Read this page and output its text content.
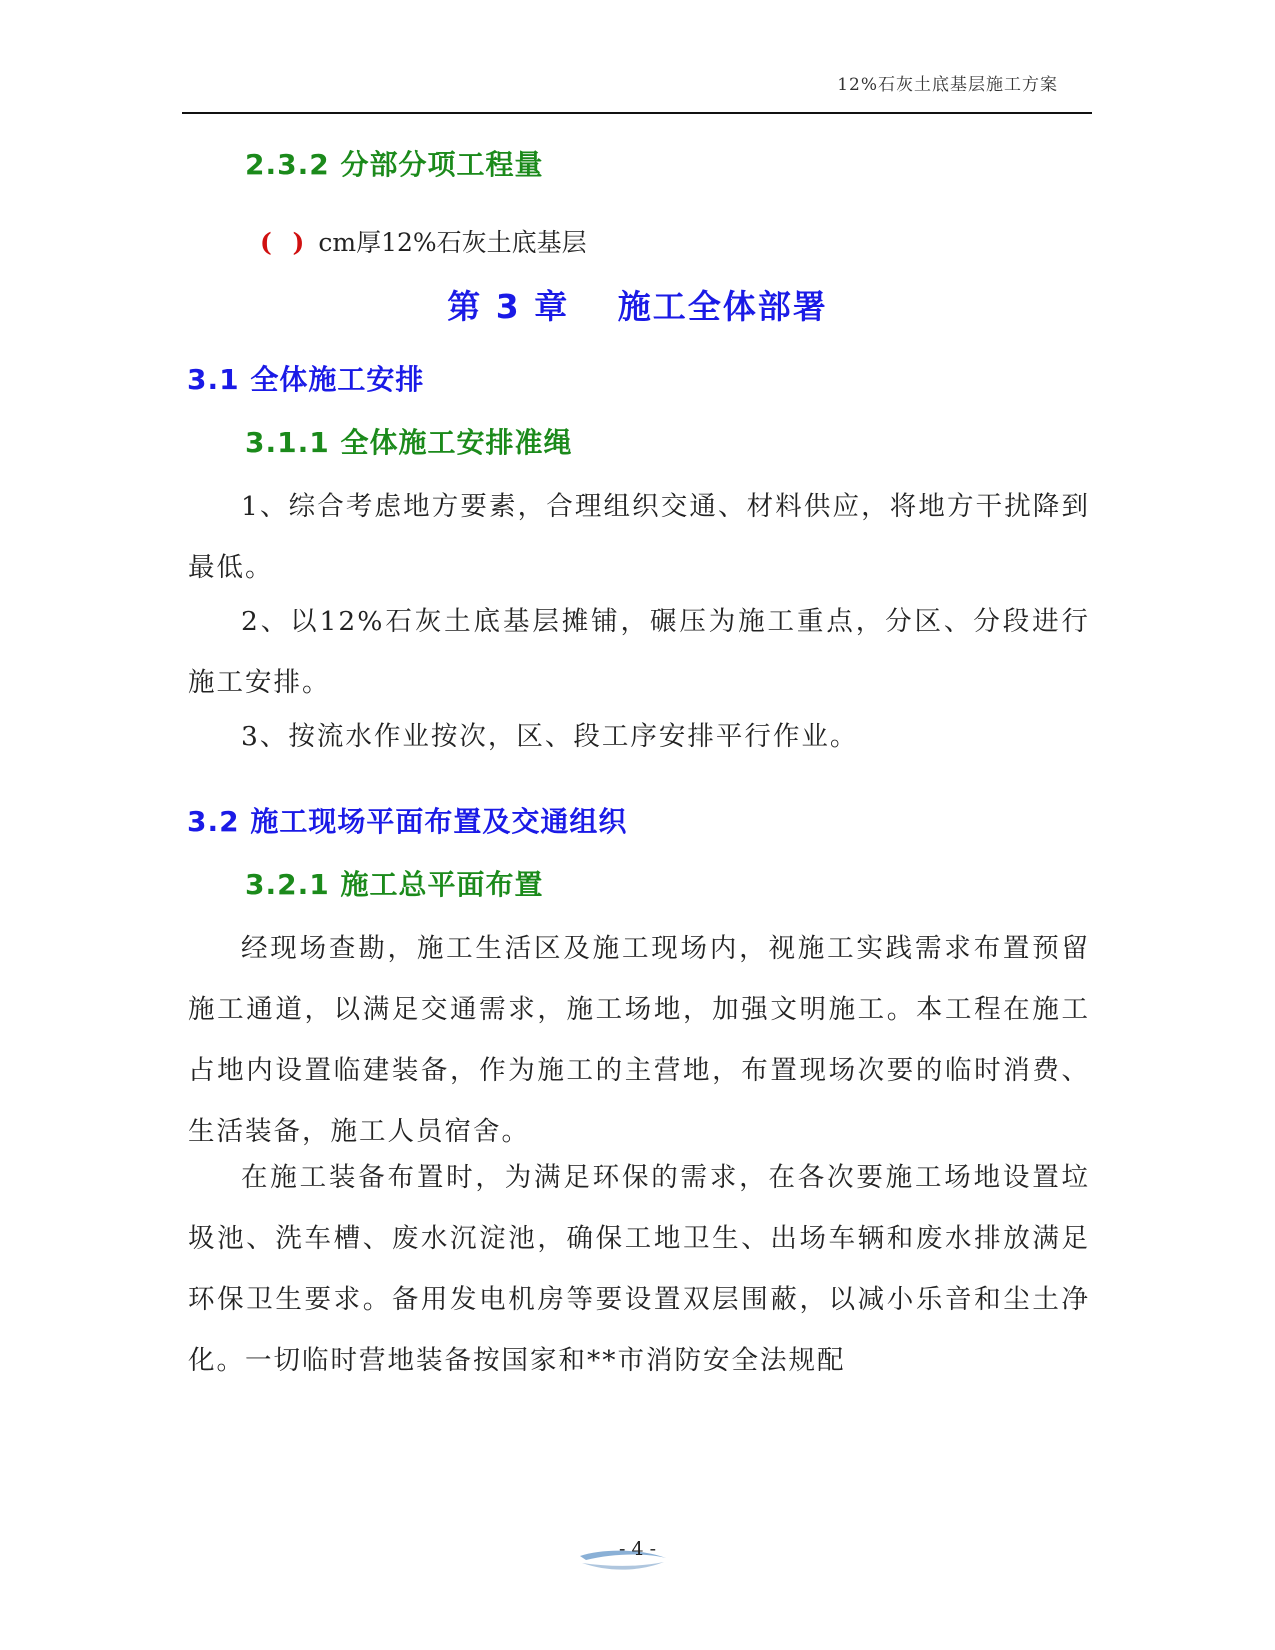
12%石灰土底基层施工方案
2.3.2 分部分项工程量
( ) cm厚12%石灰土底基层
第 3 章　 施工全体部署
3.1 全体施工安排
3.1.1 全体施工安排准绳

1、综合考虑地方要素，合理组织交通、材料供应，将地方干扰降到最低。

2、以12%石灰土底基层摊铺，碾压为施工重点，分区、分段进行施工安排。

3、按流水作业按次，区、段工序安排平行作业。

3.2 施工现场平面布置及交通组织
3.2.1 施工总平面布置

经现场查勘，施工生活区及施工现场内，视施工实践需求布置预留施工通道，以满足交通需求，施工场地，加强文明施工。本工程在施工占地内设置临建装备，作为施工的主营地，布置现场次要的临时消费、生活装备，施工人员宿舍。

在施工装备布置时，为满足环保的需求，在各次要施工场地设置垃圾池、洗车槽、废水沉淀池，确保工地卫生、出场车辆和废水排放满足环保卫生要求。备用发电机房等要设置双层围蔽，以减小乐音和尘土净化。一切临时营地装备按国家和**市消防安全法规配

- 4 -
